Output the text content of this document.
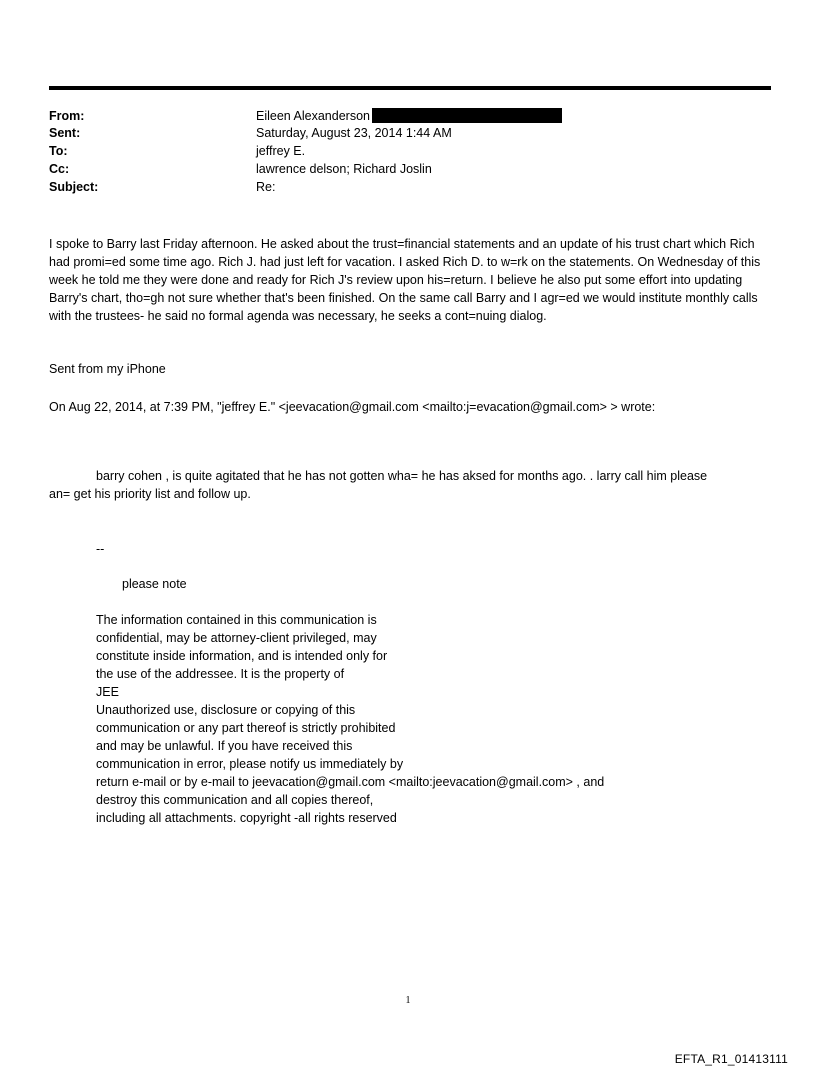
From:	Eileen Alexanderson
Sent:	Saturday, August 23, 2014 1:44 AM
To:	jeffrey E.
Cc:	lawrence delson; Richard Joslin
Subject:	Re:

I spoke to Barry last Friday afternoon. He asked about the trust=financial statements and an update of his trust chart which Rich had promi=ed some time ago. Rich J. had just left for vacation. I asked Rich D. to w=rk on the statements. On Wednesday of this week he told me they were done and ready for Rich J's review upon his=return. I believe he also put some effort into updating Barry's chart, tho=gh not sure whether that's been finished. On the same call Barry and I agr=ed we would institute monthly calls with the trustees- he said no formal agenda was necessary, he seeks a cont=nuing dialog.

Sent from my iPhone
On Aug 22, 2014, at 7:39 PM, "jeffrey E." <jeevacation@gmail.com <mailto:j=evacation@gmail.com> > wrote:
barry cohen , is quite agitated that he has not gotten wha= he has aksed for months ago. . larry call him please
an= get his priority list and follow up.
--
please note
The information contained in this communication is
confidential, may be attorney-client privileged, may
constitute inside information, and is intended only for
the use of the addressee. It is the property of
JEE
Unauthorized use, disclosure or copying of this
communication or any part thereof is strictly prohibited
and may be unlawful. If you have received this
communication in error, please notify us immediately by
return e-mail or by e-mail to jeevacation@gmail.com <mailto:jeevacation@gmail.com> , and
destroy this communication and all copies thereof,
including all attachments. copyright -all rights reserved
1
EFTA_R1_01413111
